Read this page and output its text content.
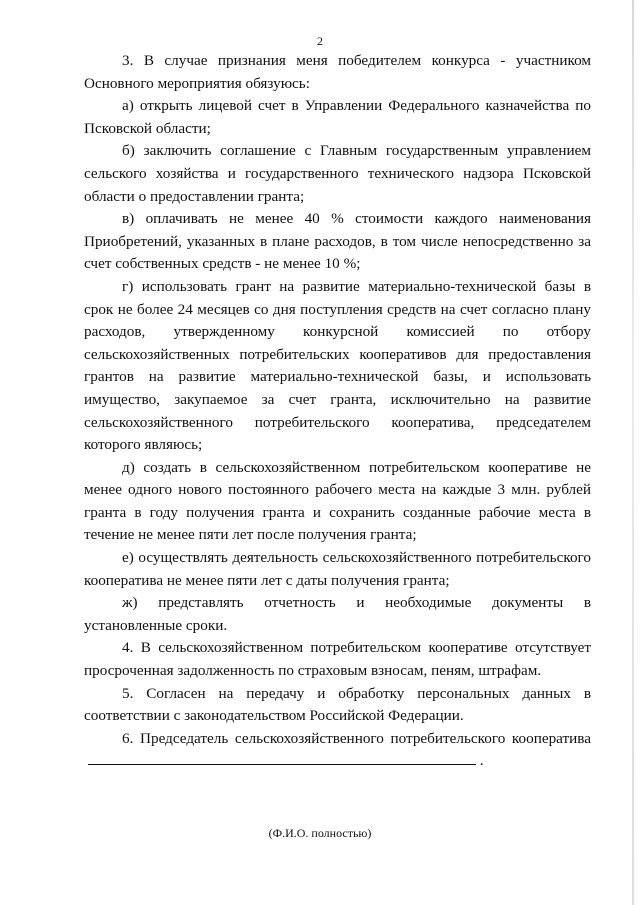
2

3. В случае признания меня победителем конкурса - участником Основного мероприятия обязуюсь:

а) открыть лицевой счет в Управлении Федерального казначейства по Псковской области;

б) заключить соглашение с Главным государственным управлением сельского хозяйства и государственного технического надзора Псковской области о предоставлении гранта;

в) оплачивать не менее 40 % стоимости каждого наименования Приобретений, указанных в плане расходов, в том числе непосредственно за счет собственных средств - не менее 10 %;

г) использовать грант на развитие материально-технической базы в срок не более 24 месяцев со дня поступления средств на счет согласно плану расходов, утвержденному конкурсной комиссией по отбору сельскохозяйственных потребительских кооперативов для предоставления грантов на развитие материально-технической базы, и использовать имущество, закупаемое за счет гранта, исключительно на развитие сельскохозяйственного потребительского кооператива, председателем которого являюсь;

д) создать в сельскохозяйственном потребительском кооперативе не менее одного нового постоянного рабочего места на каждые 3 млн. рублей гранта в году получения гранта и сохранить созданные рабочие места в течение не менее пяти лет после получения гранта;

е) осуществлять деятельность сельскохозяйственного потребительского кооператива не менее пяти лет с даты получения гранта;

ж) представлять отчетность и необходимые документы в установленные сроки.

4. В сельскохозяйственном потребительском кооперативе отсутствует просроченная задолженность по страховым взносам, пеням, штрафам.

5. Согласен на передачу и обработку персональных данных в соответствии с законодательством Российской Федерации.

6. Председатель сельскохозяйственного потребительского кооператива .

(Ф.И.О. полностью)
